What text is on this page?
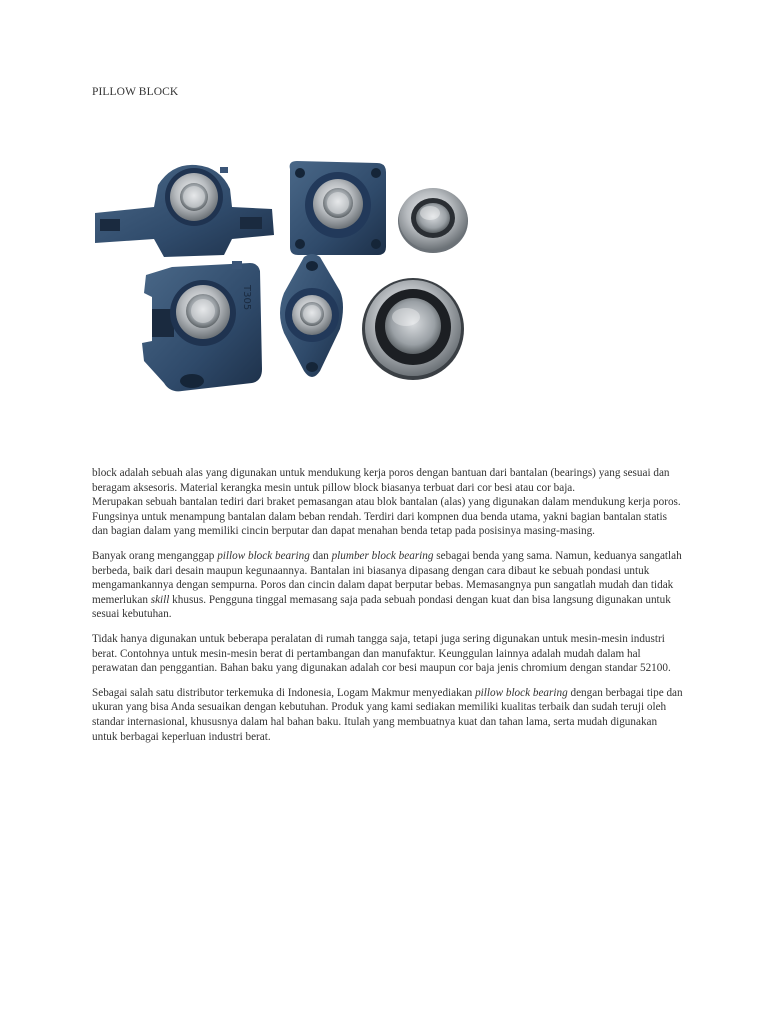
PILLOW BLOCK
T305

block adalah sebuah alas yang digunakan untuk mendukung kerja poros dengan bantuan dari bantalan (bearings) yang sesuai dan beragam aksesoris. Material kerangka mesin untuk pillow block biasanya terbuat dari cor besi atau cor baja.

Merupakan sebuah bantalan tediri dari braket pemasangan atau blok bantalan (alas) yang digunakan dalam mendukung kerja poros. Fungsinya untuk menampung bantalan dalam beban rendah. Terdiri dari kompnen dua benda utama, yakni bagian bantalan statis dan bagian dalam yang memiliki cincin berputar dan dapat menahan benda tetap pada posisinya masing-masing.

Banyak orang menganggap pillow block bearing dan plumber block bearing sebagai benda yang sama. Namun, keduanya sangatlah berbeda, baik dari desain maupun kegunaannya. Bantalan ini biasanya dipasang dengan cara dibaut ke sebuah pondasi untuk mengamankannya dengan sempurna. Poros dan cincin dalam dapat berputar bebas. Memasangnya pun sangatlah mudah dan tidak memerlukan skill khusus. Pengguna tinggal memasang saja pada sebuah pondasi dengan kuat dan bisa langsung digunakan untuk sesuai kebutuhan.

Tidak hanya digunakan untuk beberapa peralatan di rumah tangga saja, tetapi juga sering digunakan untuk mesin-mesin industri berat. Contohnya untuk mesin-mesin berat di pertambangan dan manufaktur. Keunggulan lainnya adalah mudah dalam hal perawatan dan penggantian. Bahan baku yang digunakan adalah cor besi maupun cor baja jenis chromium dengan standar 52100.

Sebagai salah satu distributor terkemuka di Indonesia, Logam Makmur menyediakan pillow block bearing dengan berbagai tipe dan ukuran yang bisa Anda sesuaikan dengan kebutuhan. Produk yang kami sediakan memiliki kualitas terbaik dan sudah teruji oleh standar internasional, khususnya dalam hal bahan baku. Itulah yang membuatnya kuat dan tahan lama, serta mudah digunakan untuk berbagai keperluan industri berat.
